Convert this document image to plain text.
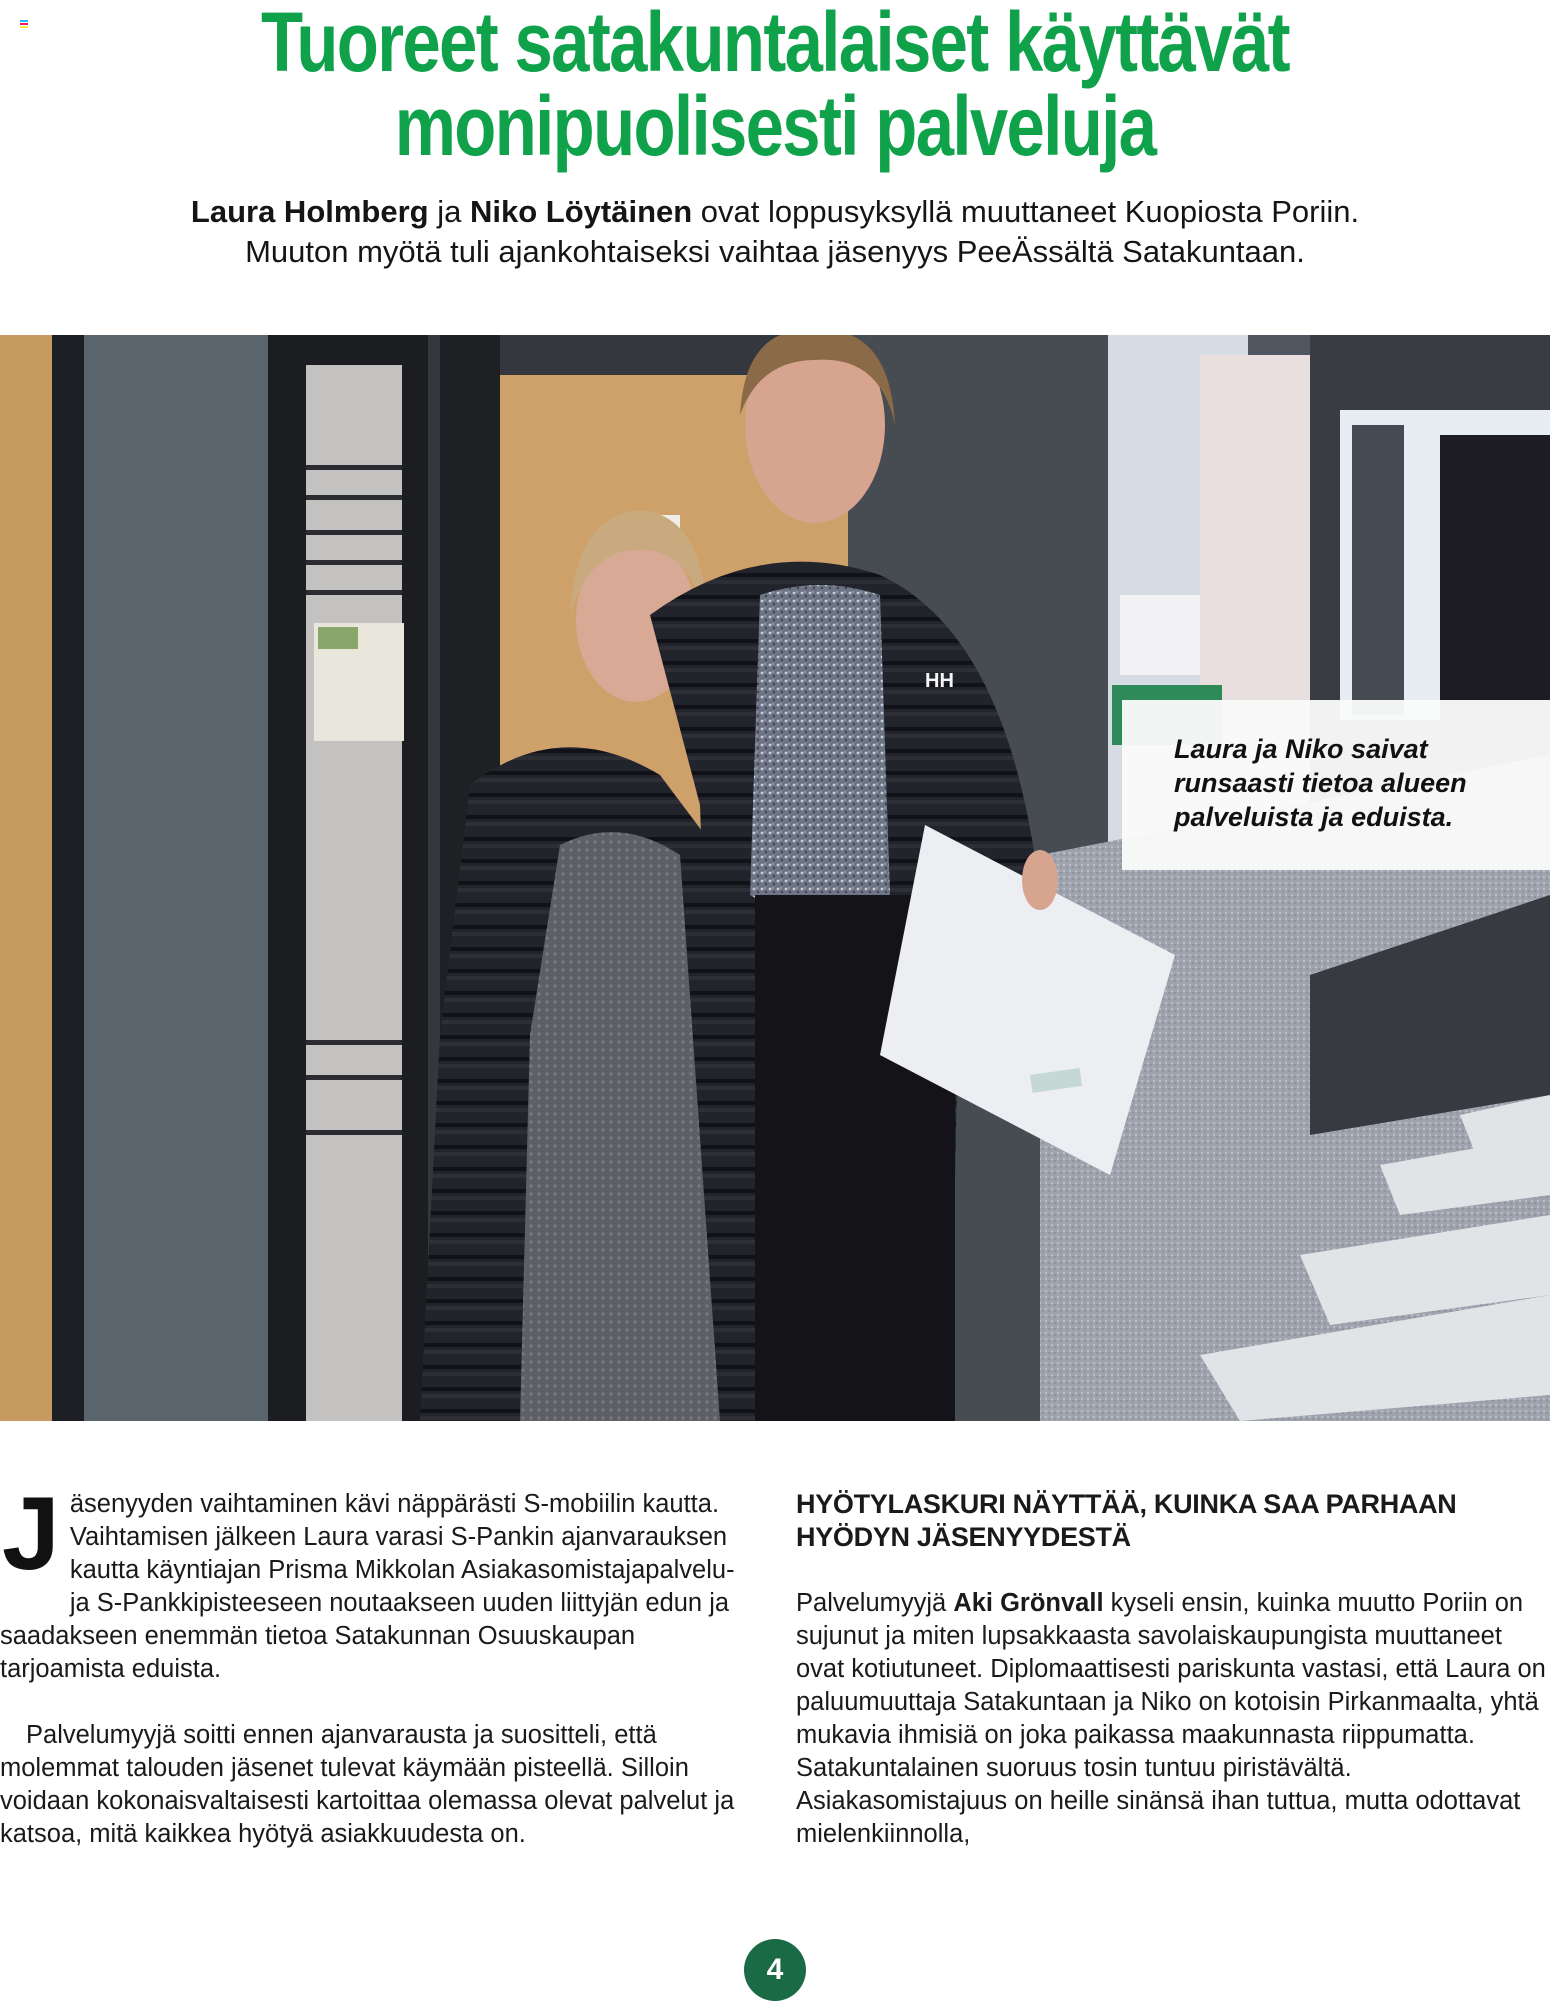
Tuoreet satakuntalaiset käyttävät
monipuolisesti palveluja

Laura Holmberg ja Niko Löytäinen ovat loppusyksyllä muuttaneet Kuopiosta Poriin.
Muuton myötä tuli ajankohtaiseksi vaihtaa jäsenyys PeeÄssältä Satakuntaan.

HH
Laura ja Niko saivat runsaasti tietoa alueen palveluista ja eduista.

Jäsenyyden vaihtaminen kävi näppärästi S-mobiilin kautta. Vaihtamisen jälkeen Laura varasi S-Pankin ajanvarauksen kautta käyntiajan Prisma Mikkolan Asiakasomistajapalvelu- ja S-Pankkipisteeseen noutaakseen uuden liittyjän edun ja saadakseen enemmän tietoa Satakunnan Osuuskaupan tarjoamista eduista.

Palvelumyyjä soitti ennen ajanvarausta ja suositteli, että molemmat talouden jäsenet tulevat käymään pisteellä. Silloin voidaan kokonaisvaltaisesti kartoittaa olemassa olevat palvelut ja katsoa, mitä kaikkea hyötyä asiakkuudesta on.

HYÖTYLASKURI NÄYTTÄÄ, KUINKA SAA PARHAAN HYÖDYN JÄSENYYDESTÄ

Palvelumyyjä Aki Grönvall kyseli ensin, kuinka muutto Poriin on sujunut ja miten lupsakkaasta savolaiskaupungista muuttaneet ovat kotiutuneet. Diplomaattisesti pariskunta vastasi, että Laura on paluumuuttaja Satakuntaan ja Niko on kotoisin Pirkanmaalta, yhtä mukavia ihmisiä on joka paikassa maakunnasta riippumatta. Satakuntalainen suoruus tosin tuntuu piristävältä. Asiakasomistajuus on heille sinänsä ihan tuttua, mutta odottavat mielenkiinnolla,

4
